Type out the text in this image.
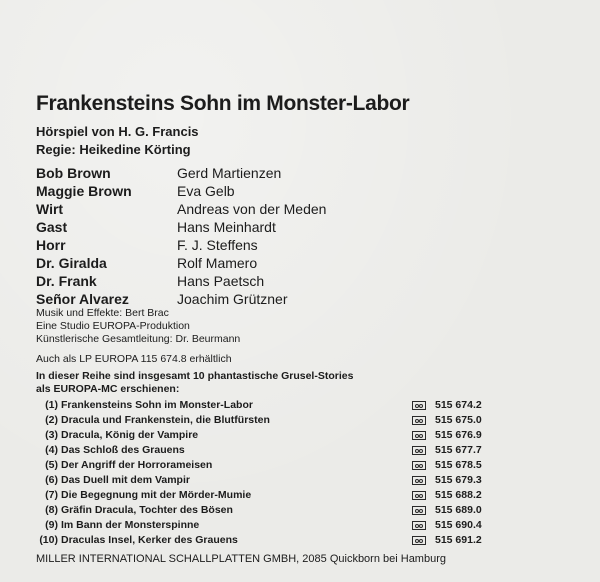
Frankensteins Sohn im Monster-Labor
Hörspiel von H. G. Francis
Regie: Heikedine Körting
Bob Brown	Gerd Martienzen
Maggie Brown	Eva Gelb
Wirt	Andreas von der Meden
Gast	Hans Meinhardt
Horr	F. J. Steffens
Dr. Giralda	Rolf Mamero
Dr. Frank	Hans Paetsch
Señor Alvarez	Joachim Grützner
Musik und Effekte: Bert Brac
Eine Studio EUROPA-Produktion
Künstlerische Gesamtleitung: Dr. Beurmann
Auch als LP EUROPA 115 674.8 erhältlich
In dieser Reihe sind insgesamt 10 phantastische Grusel-Stories
als EUROPA-MC erschienen:
(1) Frankensteins Sohn im Monster-Labor	515 674.2
(2) Dracula und Frankenstein, die Blutfürsten	515 675.0
(3) Dracula, König der Vampire	515 676.9
(4) Das Schloß des Grauens	515 677.7
(5) Der Angriff der Horrorameisen	515 678.5
(6) Das Duell mit dem Vampir	515 679.3
(7) Die Begegnung mit der Mörder-Mumie	515 688.2
(8) Gräfin Dracula, Tochter des Bösen	515 689.0
(9) Im Bann der Monsterspinne	515 690.4
(10) Draculas Insel, Kerker des Grauens	515 691.2
MILLER INTERNATIONAL SCHALLPLATTEN GMBH, 2085 Quickborn bei Hamburg
